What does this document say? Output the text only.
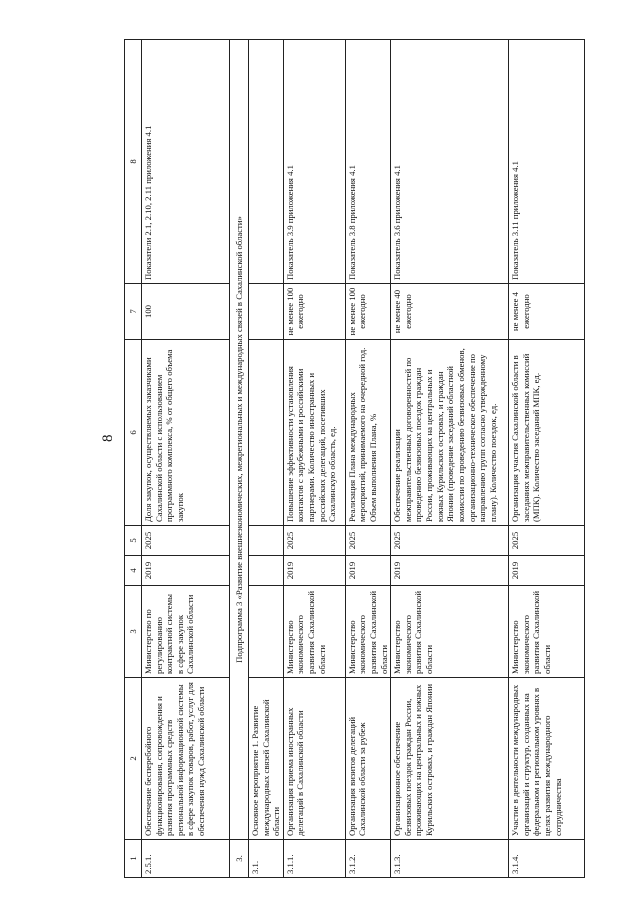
8
1	2	3	4	5	6	7	8
2.5.1.	Обеспечение бесперебойного функционирования, сопровождения и развития программных средств региональной информационной системы в сфере закупок товаров, работ, услуг для обеспечения нужд Сахалинской области	Министерство по регулированию контрактной системы в сфере закупок Сахалинской области	2019	2025	Доля закупок, осуществляемых заказчиками Сахалинской области с использованием программного комплекса, % от общего объема закупок	100	Показатели 2.1, 2.10, 2.11 приложения 4.1
3.	Подпрограмма 3 «Развитие внешнеэкономических, межрегиональных и международных связей в Сахалинской области»						
3.1.	Основное мероприятие 1. Развитие международных связей Сахалинской области						
3.1.1.	Организация приема иностранных делегаций в Сахалинской области	Министерство экономического развития Сахалинской области	2019	2025	Повышение эффективности установления контактов с зарубежными и российскими партнерами. Количество иностранных и российских делегаций, посетивших Сахалинскую область, ед.	не менее 100 ежегодно	Показатель 3.9 приложения 4.1
3.1.2.	Организация визитов делегаций Сахалинской области за рубеж	Министерство экономического развития Сахалинской области	2019	2025	Реализация Плана международных мероприятий, принимаемого на очередной год. Объем выполнения Плана, %	не менее 100 ежегодно	Показатель 3.8 приложения 4.1
3.1.3.	Организационное обеспечение безвизовых поездок граждан России, проживающих на центральных и южных Курильских островах, и граждан Японии	Министерство экономического развития Сахалинской области	2019	2025	Обеспечение реализации межправительственных договоренностей по проведению безвизовых поездок граждан России, проживающих на центральных и южных Курильских островах, и граждан Японии (проведение заседаний областной комиссии по проведению безвизовых обменов, организационно-техническое обеспечение по направлению групп согласно утвержденному плану). Количество поездок, ед.	не менее 40 ежегодно	Показатель 3.6 приложения 4.1
3.1.4.	Участие в деятельности международных организаций и структур, созданных на федеральном и региональном уровнях в целях развития международного сотрудничества	Министерство экономического развития Сахалинской области	2019	2025	Организация участия Сахалинской области в заседаниях межправительственных комиссий (МПК). Количество заседаний МПК, ед.	не менее 4 ежегодно	Показатель 3.11 приложения 4.1
